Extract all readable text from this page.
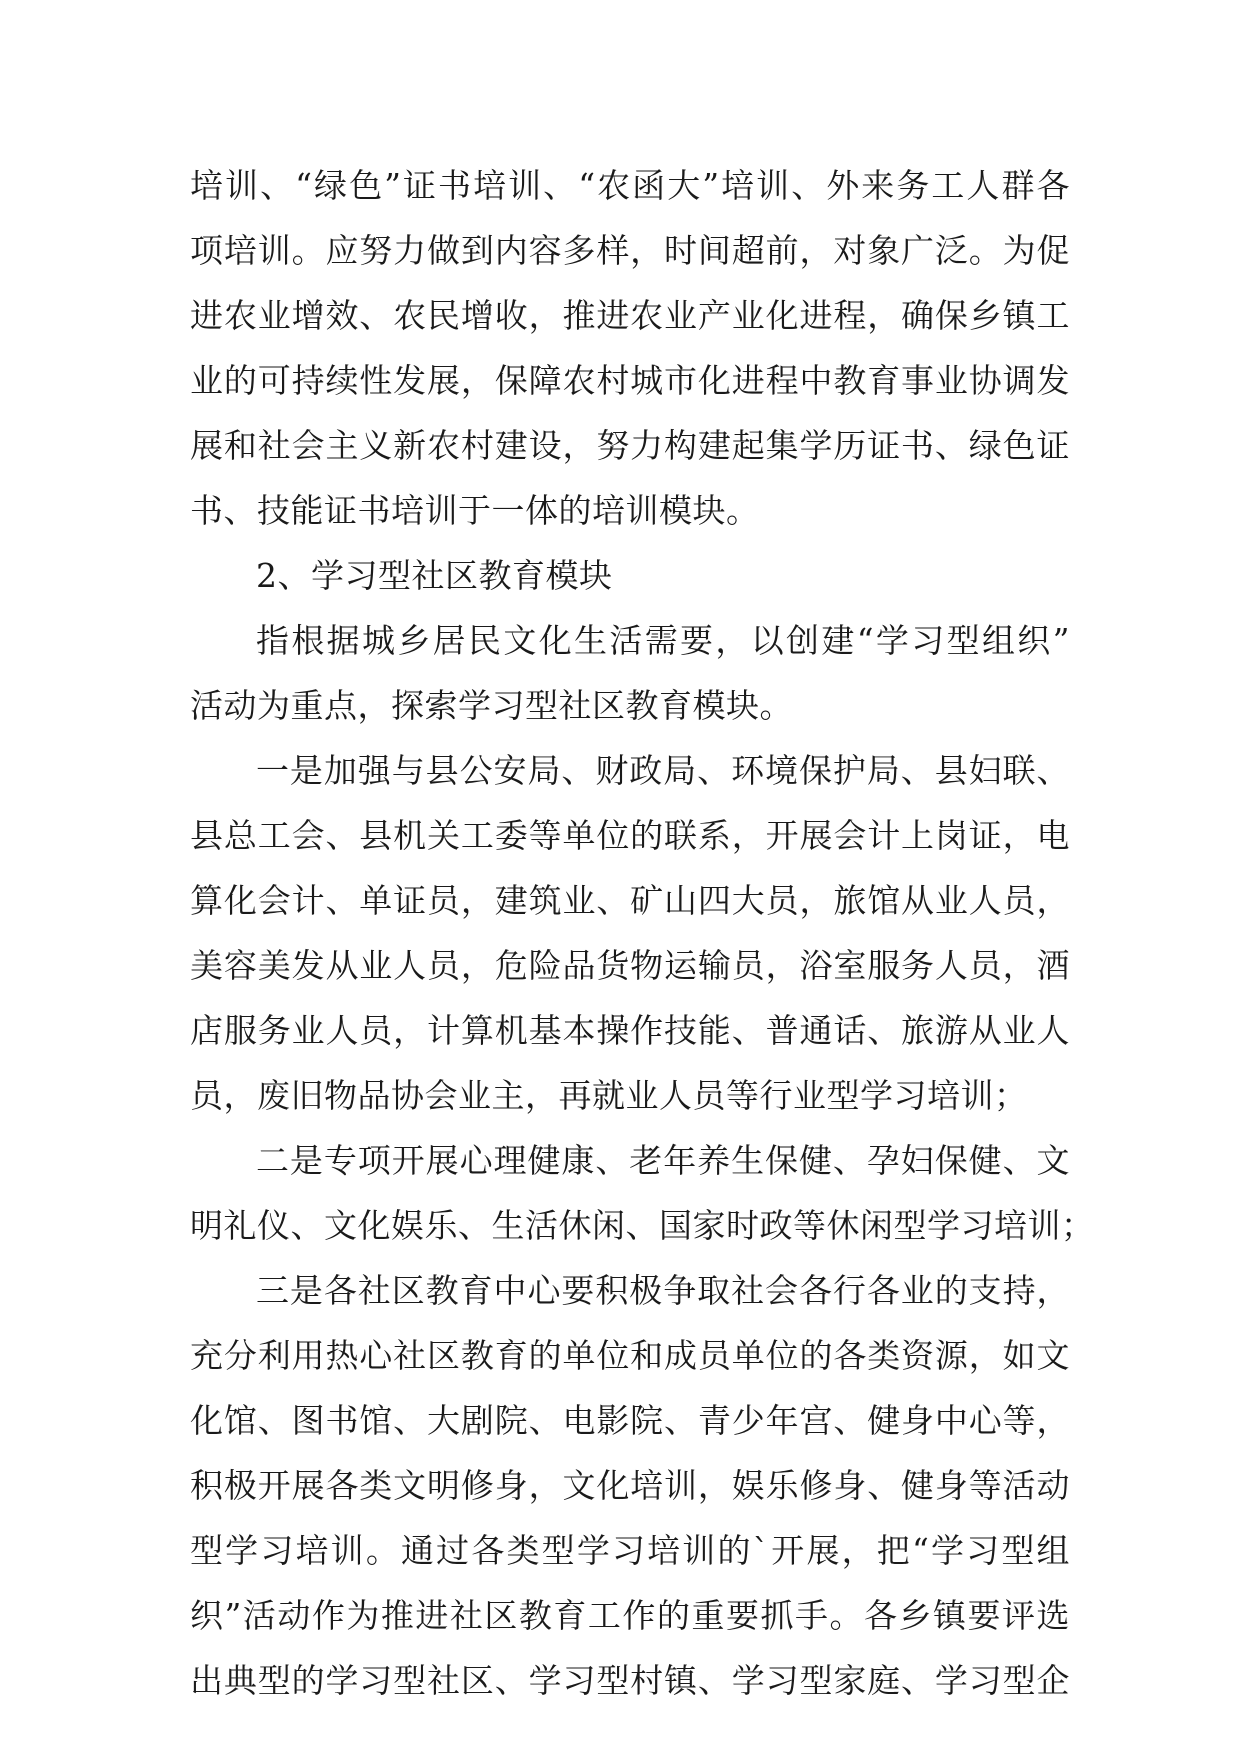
培训、“绿色”证书培训、“农函大”培训、外来务工人群各
项培训。应努力做到内容多样，时间超前，对象广泛。为促
进农业增效、农民增收，推进农业产业化进程，确保乡镇工
业的可持续性发展，保障农村城市化进程中教育事业协调发
展和社会主义新农村建设，努力构建起集学历证书、绿色证
书、技能证书培训于一体的培训模块。
2、学习型社区教育模块
指根据城乡居民文化生活需要，以创建“学习型组织”
活动为重点，探索学习型社区教育模块。
一是加强与县公安局、财政局、环境保护局、县妇联、
县总工会、县机关工委等单位的联系，开展会计上岗证，电
算化会计、单证员，建筑业、矿山四大员，旅馆从业人员，
美容美发从业人员，危险品货物运输员，浴室服务人员，酒
店服务业人员，计算机基本操作技能、普通话、旅游从业人
员，废旧物品协会业主，再就业人员等行业型学习培训；
二是专项开展心理健康、老年养生保健、孕妇保健、文
明礼仪、文化娱乐、生活休闲、国家时政等休闲型学习培训；
三是各社区教育中心要积极争取社会各行各业的支持，
充分利用热心社区教育的单位和成员单位的各类资源，如文
化馆、图书馆、大剧院、电影院、青少年宫、健身中心等，
积极开展各类文明修身，文化培训，娱乐修身、健身等活动
型学习培训。通过各类型学习培训的`开展，把“学习型组
织”活动作为推进社区教育工作的重要抓手。各乡镇要评选
出典型的学习型社区、学习型村镇、学习型家庭、学习型企
